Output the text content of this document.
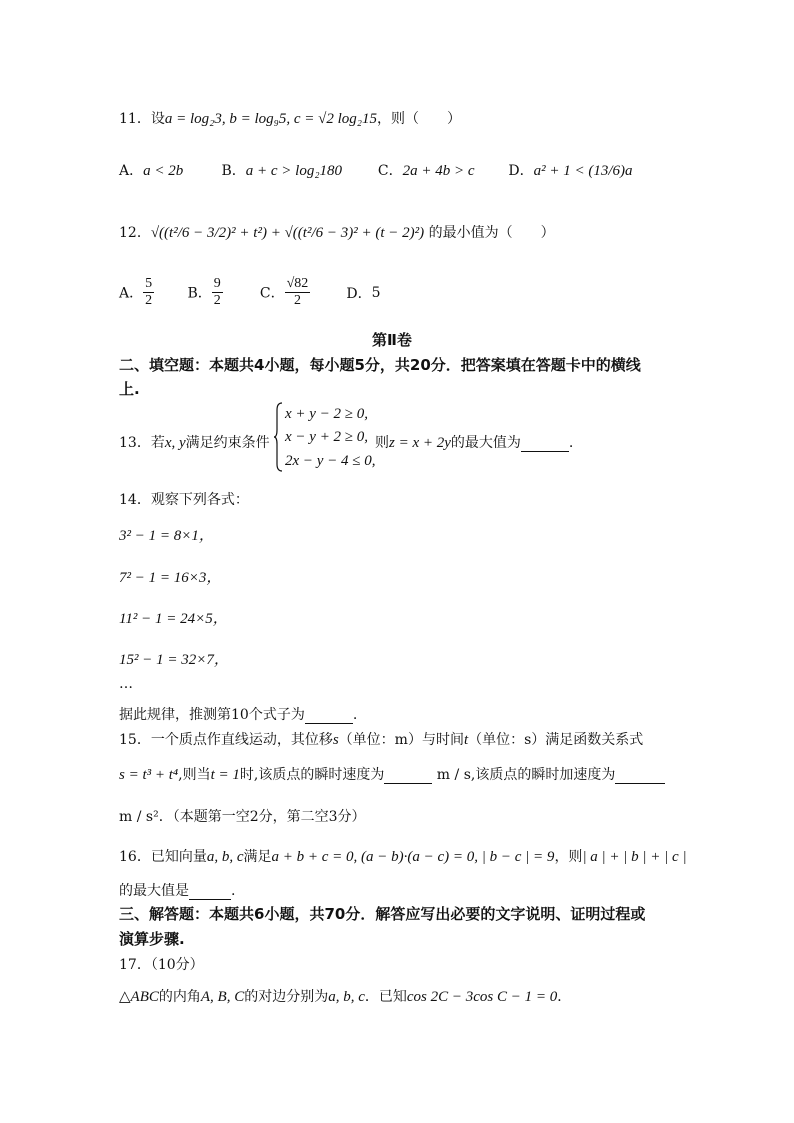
11．设a = log₂3, b = log₉5, c = √2 log₂15，则（　　）
A．a < 2b	B．a + c > log₂180	C．2a + 4b > c D．a² + 1 < (13/6)a
12．√((t²/6 − 3/2)² + t²) + √((t²/6 − 3)² + (t − 2)²) 的最小值为（　　）
A． $\frac{5}{2}$ B． $\frac{9}{2}$	C． $\frac{√82}{2}$	D．5
第Ⅱ卷
二、填空题：本题共4小题，每小题5分，共20分．把答案填在答题卡中的横线
上.
13．若x, y满足约束条件
x + y − 2 ≥ 0,
x − y + 2 ≥ 0,
2x − y − 4 ≤ 0,
则z = x + 2y的最大值为	.
14．观察下列各式：
3² − 1 = 8×1，
7² − 1 = 16×3，
11² − 1 = 24×5，
15² − 1 = 32×7，
…
据此规律，推测第10个式子为	.
15．一个质点作直线运动，其位移s（单位：m）与时间t（单位：s）满足函数关系式
s = t³ + t⁴,则当t = 1时,该质点的瞬时速度为	m / s,该质点的瞬时加速度为
m / s²．（本题第一空2分，第二空3分）
16．已知向量a, b, c满足a + b + c = 0, (a − b)·(a − c) = 0, | b − c | = 9，则| a | + | b | + | c |
的最大值是	.
三、解答题：本题共6小题，共70分．解答应写出必要的文字说明、证明过程或
演算步骤.
17．（10分）
△ABC的内角A, B, C的对边分别为a, b, c．已知cos 2C − 3cos C − 1 = 0．
